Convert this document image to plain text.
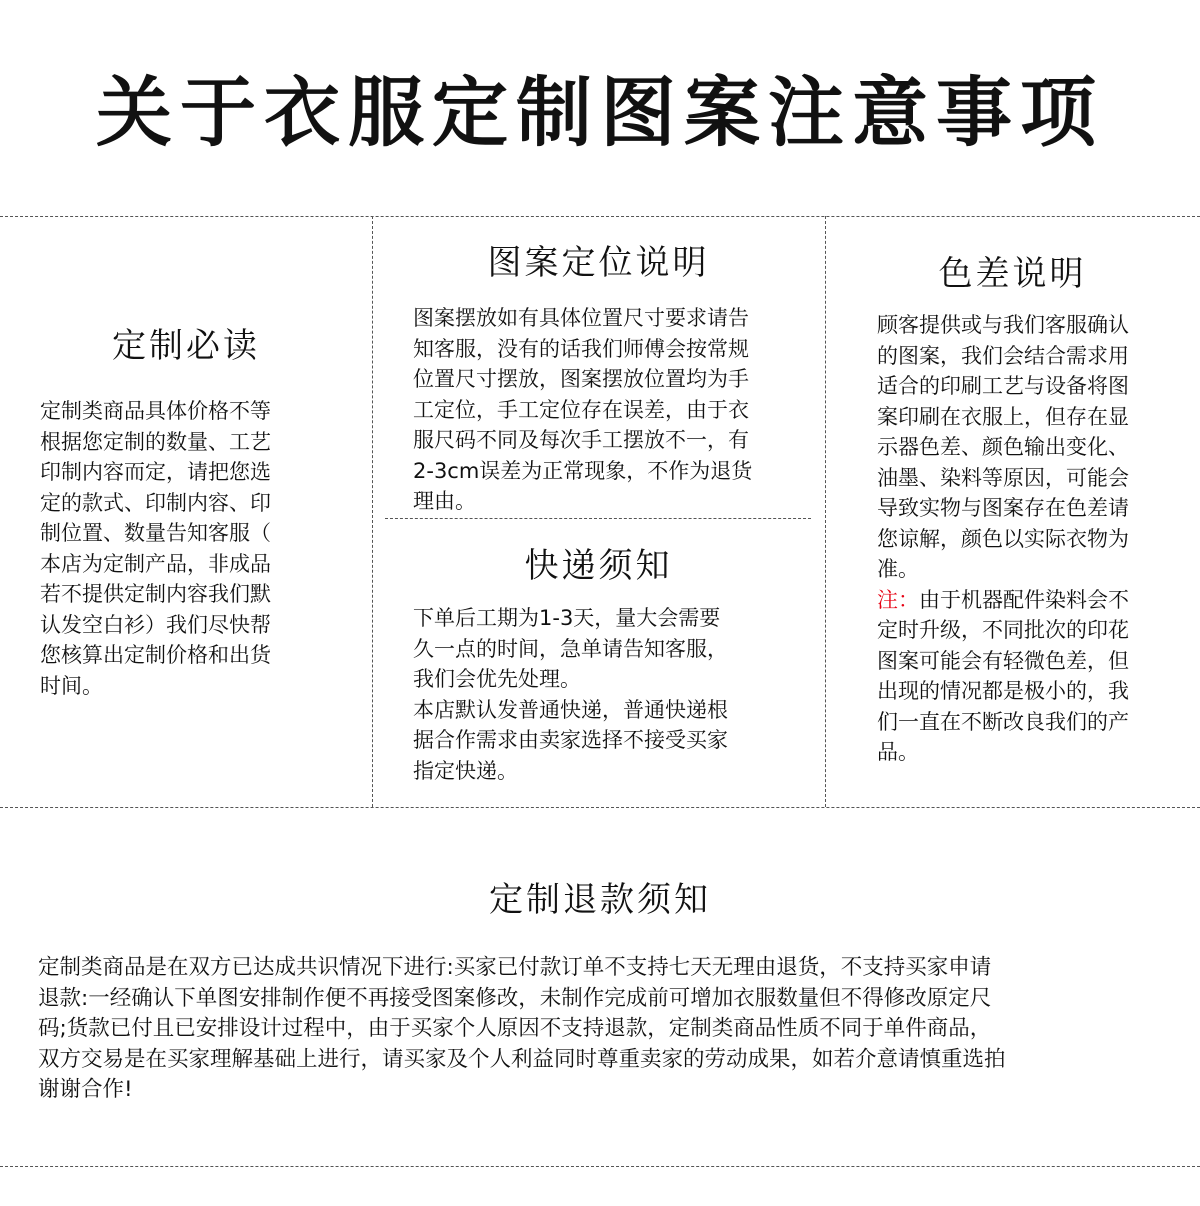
关于衣服定制图案注意事项
定制必读
定制类商品具体价格不等
根据您定制的数量、工艺
印制内容而定，请把您选
定的款式、印制内容、印
制位置、数量告知客服（
本店为定制产品，非成品
若不提供定制内容我们默
认发空白衫）我们尽快帮
您核算出定制价格和出货
时间。
图案定位说明
图案摆放如有具体位置尺寸要求请告
知客服，没有的话我们师傅会按常规
位置尺寸摆放，图案摆放位置均为手
工定位，手工定位存在误差，由于衣
服尺码不同及每次手工摆放不一，有
2-3cm误差为正常现象，不作为退货
理由。
快递须知
下单后工期为1-3天，量大会需要
久一点的时间，急单请告知客服，
我们会优先处理。
本店默认发普通快递，普通快递根
据合作需求由卖家选择不接受买家
指定快递。
色差说明
顾客提供或与我们客服确认
的图案，我们会结合需求用
适合的印刷工艺与设备将图
案印刷在衣服上，但存在显
示器色差、颜色输出变化、
油墨、染料等原因，可能会
导致实物与图案存在色差请
您谅解，颜色以实际衣物为
准。
注：由于机器配件染料会不
定时升级，不同批次的印花
图案可能会有轻微色差，但
出现的情况都是极小的，我
们一直在不断改良我们的产
品。
定制退款须知
定制类商品是在双方已达成共识情况下进行:买家已付款订单不支持七天无理由退货，不支持买家申请
退款:一经确认下单图安排制作便不再接受图案修改，未制作完成前可增加衣服数量但不得修改原定尺
码;货款已付且已安排设计过程中，由于买家个人原因不支持退款，定制类商品性质不同于单件商品，
双方交易是在买家理解基础上进行，请买家及个人利益同时尊重卖家的劳动成果，如若介意请慎重选拍
谢谢合作!
